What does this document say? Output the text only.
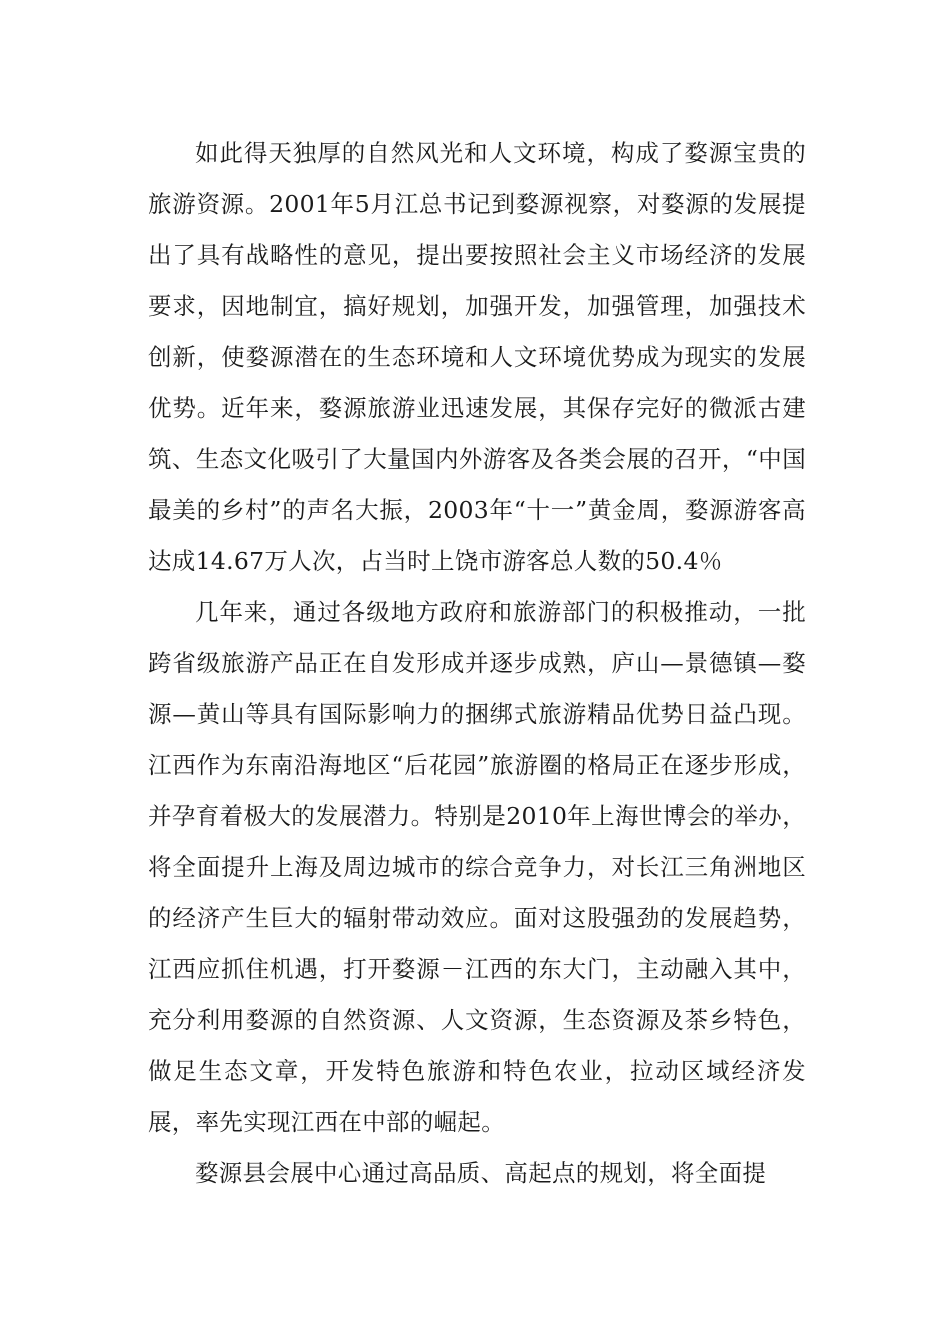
如此得天独厚的自然风光和人文环境，构成了婺源宝贵的旅游资源。2001年5月江总书记到婺源视察，对婺源的发展提出了具有战略性的意见，提出要按照社会主义市场经济的发展要求，因地制宜，搞好规划，加强开发，加强管理，加强技术创新，使婺源潜在的生态环境和人文环境优势成为现实的发展优势。近年来，婺源旅游业迅速发展，其保存完好的微派古建筑、生态文化吸引了大量国内外游客及各类会展的召开，“中国最美的乡村”的声名大振，2003年“十一”黄金周，婺源游客高达成14.67万人次，占当时上饶市游客总人数的50.4％

几年来，通过各级地方政府和旅游部门的积极推动，一批跨省级旅游产品正在自发形成并逐步成熟，庐山—景德镇—婺源—黄山等具有国际影响力的捆绑式旅游精品优势日益凸现。江西作为东南沿海地区“后花园”旅游圈的格局正在逐步形成，并孕育着极大的发展潜力。特别是2010年上海世博会的举办，将全面提升上海及周边城市的综合竞争力，对长江三角洲地区的经济产生巨大的辐射带动效应。面对这股强劲的发展趋势，江西应抓住机遇，打开婺源－江西的东大门，主动融入其中，充分利用婺源的自然资源、人文资源，生态资源及茶乡特色，做足生态文章，开发特色旅游和特色农业，拉动区域经济发展，率先实现江西在中部的崛起。

婺源县会展中心通过高品质、高起点的规划，将全面提
